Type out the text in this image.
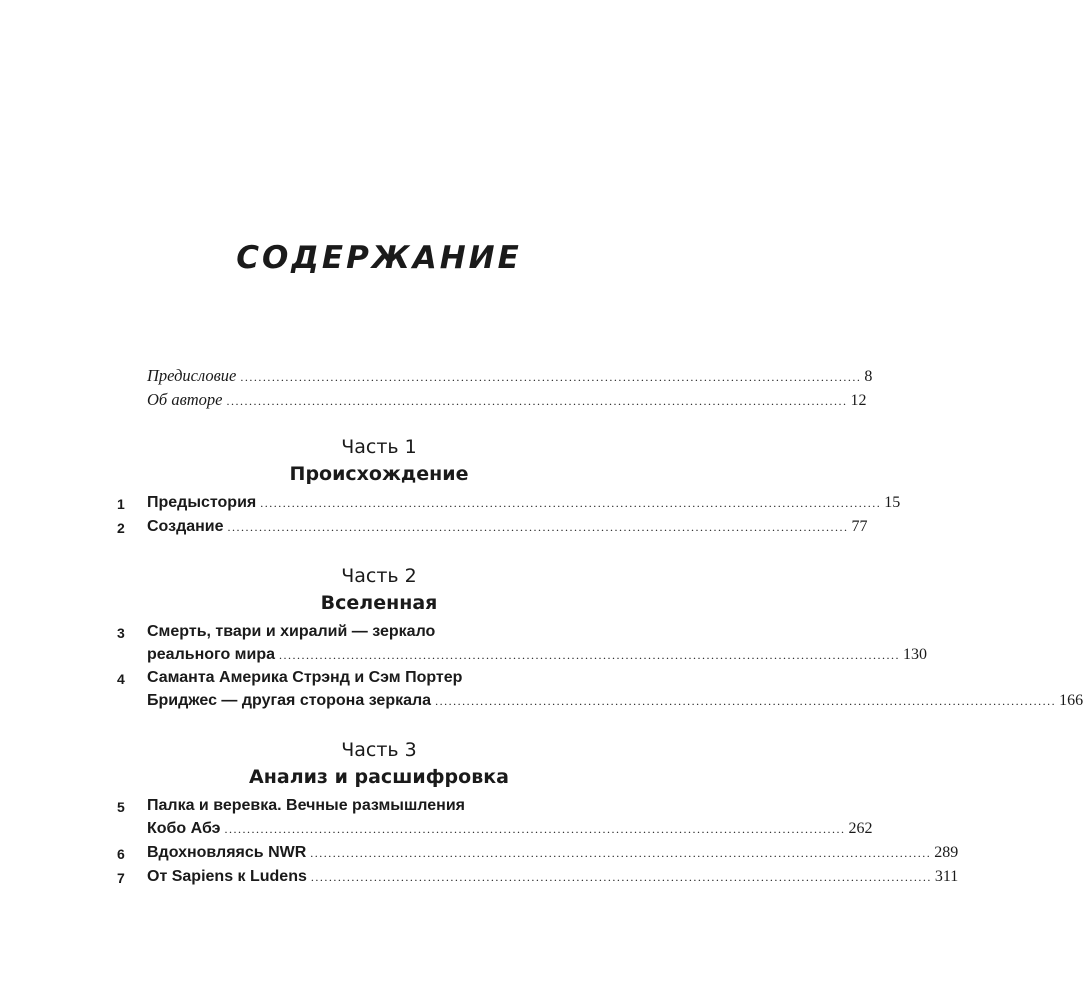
СОДЕРЖАНИЕ
Предисловие .......................................................................................................................................... 8
Об авторе .......................................................................................................................................... 12
Часть 1
Происхождение
1 Предыстория .......................................................................................................................................... 15
2 Создание .......................................................................................................................................... 77
Часть 2
Вселенная
3 Смерть, твари и хиралий — зеркало
реального мира .......................................................................................................................................... 130
4 Саманта Америка Стрэнд и Сэм Портер
Бриджес — другая сторона зеркала .......................................................................................................................................... 166
Часть 3
Анализ и расшифровка
5 Палка и веревка. Вечные размышления
Кобо Абэ .......................................................................................................................................... 262
6 Вдохновляясь NWR .......................................................................................................................................... 289
7 От Sapiens к Ludens .......................................................................................................................................... 311
